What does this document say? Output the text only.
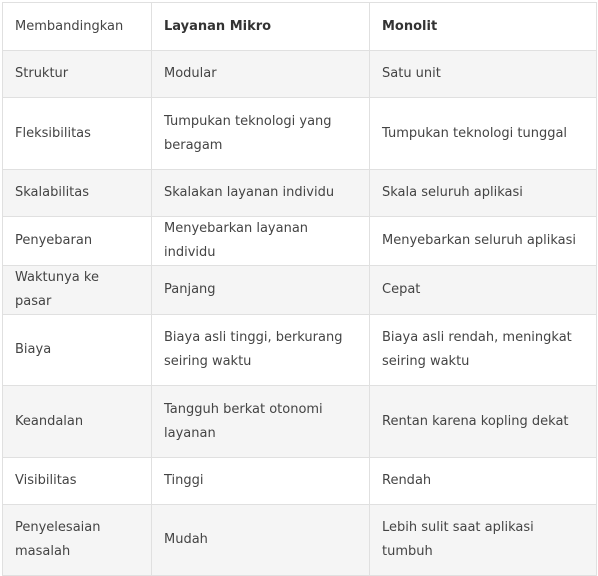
Membandingkan	Layanan Mikro	Monolit
Struktur	Modular	Satu unit
Fleksibilitas	Tumpukan teknologi yang beragam	Tumpukan teknologi tunggal
Skalabilitas	Skalakan layanan individu	Skala seluruh aplikasi
Penyebaran	Menyebarkan layanan individu	Menyebarkan seluruh aplikasi
Waktunya ke pasar	Panjang	Cepat
Biaya	Biaya asli tinggi, berkurang seiring waktu	Biaya asli rendah, meningkat seiring waktu
Keandalan	Tangguh berkat otonomi layanan	Rentan karena kopling dekat
Visibilitas	Tinggi	Rendah
Penyelesaian masalah	Mudah	Lebih sulit saat aplikasi tumbuh
